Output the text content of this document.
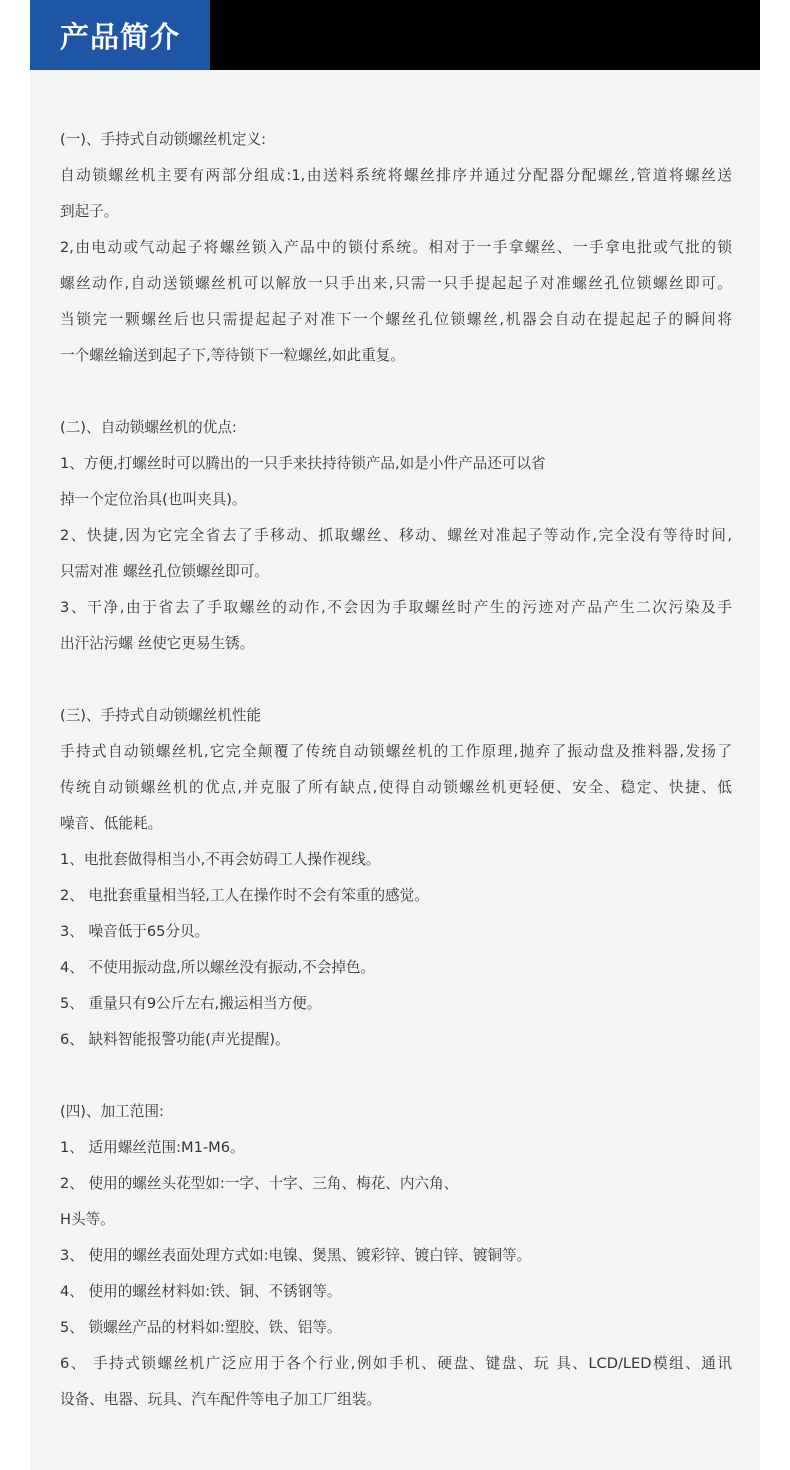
产品简介
(一)、手持式自动锁螺丝机定义:
自动锁螺丝机主要有两部分组成:1,由送料系统将螺丝排序并通过分配器分配螺丝,管道将螺丝送
到起子。
2,由电动或气动起子将螺丝锁入产品中的锁付系统。相对于一手拿螺丝、一手拿电批或气批的锁
螺丝动作,自动送锁螺丝机可以解放一只手出来,只需一只手提起起子对准螺丝孔位锁螺丝即可。
当锁完一颗螺丝后也只需提起起子对准下一个螺丝孔位锁螺丝,机器会自动在提起起子的瞬间将
一个螺丝输送到起子下,等待锁下一粒螺丝,如此重复。
(二)、自动锁螺丝机的优点:
1、方便,打螺丝时可以腾出的一只手来扶持待锁产品,如是小件产品还可以省
掉一个定位治具(也叫夹具)。
2、快捷,因为它完全省去了手移动、抓取螺丝、移动、螺丝对准起子等动作,完全没有等待时间,
只需对准 螺丝孔位锁螺丝即可。
3、干净,由于省去了手取螺丝的动作,不会因为手取螺丝时产生的污迹对产品产生二次污染及手
出汗沾污螺 丝使它更易生锈。
(三)、手持式自动锁螺丝机性能
手持式自动锁螺丝机,它完全颠覆了传统自动锁螺丝机的工作原理,抛弃了振动盘及推料器,发扬了
传统自动锁螺丝机的优点,并克服了所有缺点,使得自动锁螺丝机更轻便、安全、稳定、快捷、低
噪音、低能耗。
1、电批套做得相当小,不再会妨碍工人操作视线。
2、 电批套重量相当轻,工人在操作时不会有笨重的感觉。
3、 噪音低于65分贝。
4、 不使用振动盘,所以螺丝没有振动,不会掉色。
5、 重量只有9公斤左右,搬运相当方便。
6、 缺料智能报警功能(声光提醒)。
(四)、加工范围:
1、 适用螺丝范围:M1-M6。
2、 使用的螺丝头花型如:一字、十字、三角、梅花、内六角、
H头等。
3、 使用的螺丝表面处理方式如:电镍、煲黑、镀彩锌、镀白锌、镀铜等。
4、 使用的螺丝材料如:铁、铜、不锈钢等。
5、 锁螺丝产品的材料如:塑胶、铁、铝等。
6、 手持式锁螺丝机广泛应用于各个行业,例如手机、硬盘、键盘、玩 具、LCD/LED模组、通讯
设备、电器、玩具、汽车配件等电子加工厂组装。
